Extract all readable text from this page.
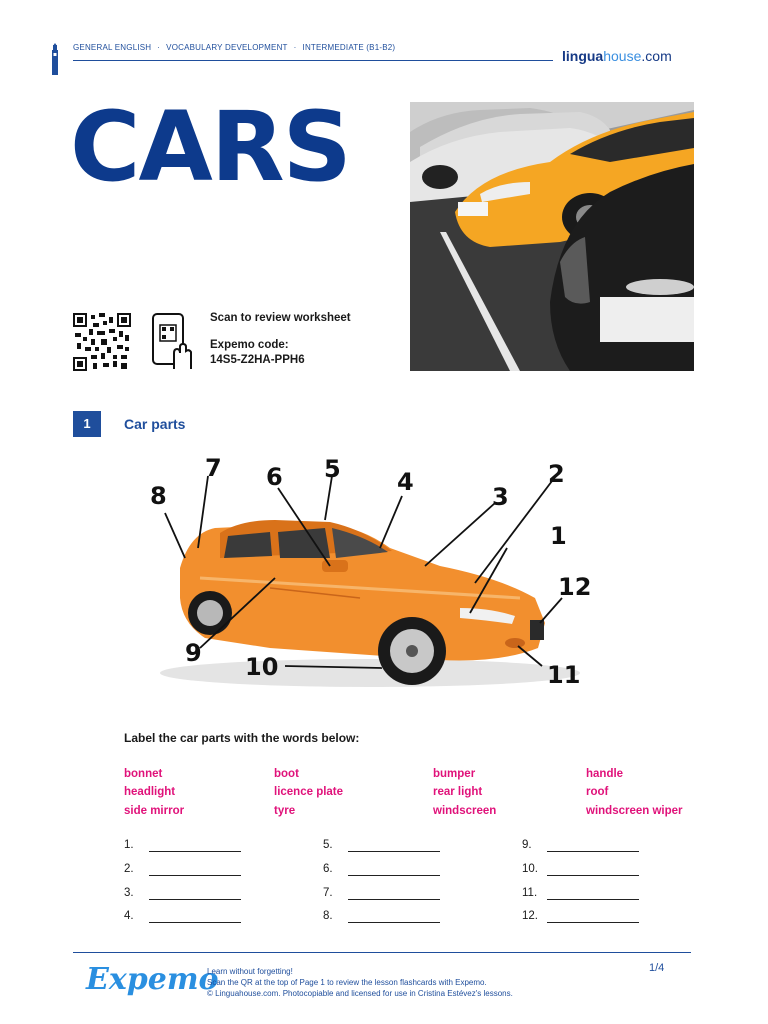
GENERAL ENGLISH · VOCABULARY DEVELOPMENT · INTERMEDIATE (B1-B2)
linguahouse.com
CARS
Scan to review worksheet
Expemo code:
14S5-Z2HA-PPH6
1	Car parts
1
2
3
4
5
6
7
8
9 10	11
12
Label the car parts with the words below:
bonnet	boot	bumper	handle
headlight	licence plate	rear light	roof
side mirror	tyre	windscreen	windscreen wiper
1.
2.
3.
4.
5.
6.
7.
8.
9.
10.
11.
12.
Expemo
Learn without forgetting!
Scan the QR at the top of Page 1 to review the lesson flashcards with Expemo.
© Linguahouse.com. Photocopiable and licensed for use in Cristina Estévez's lessons.
1/4
